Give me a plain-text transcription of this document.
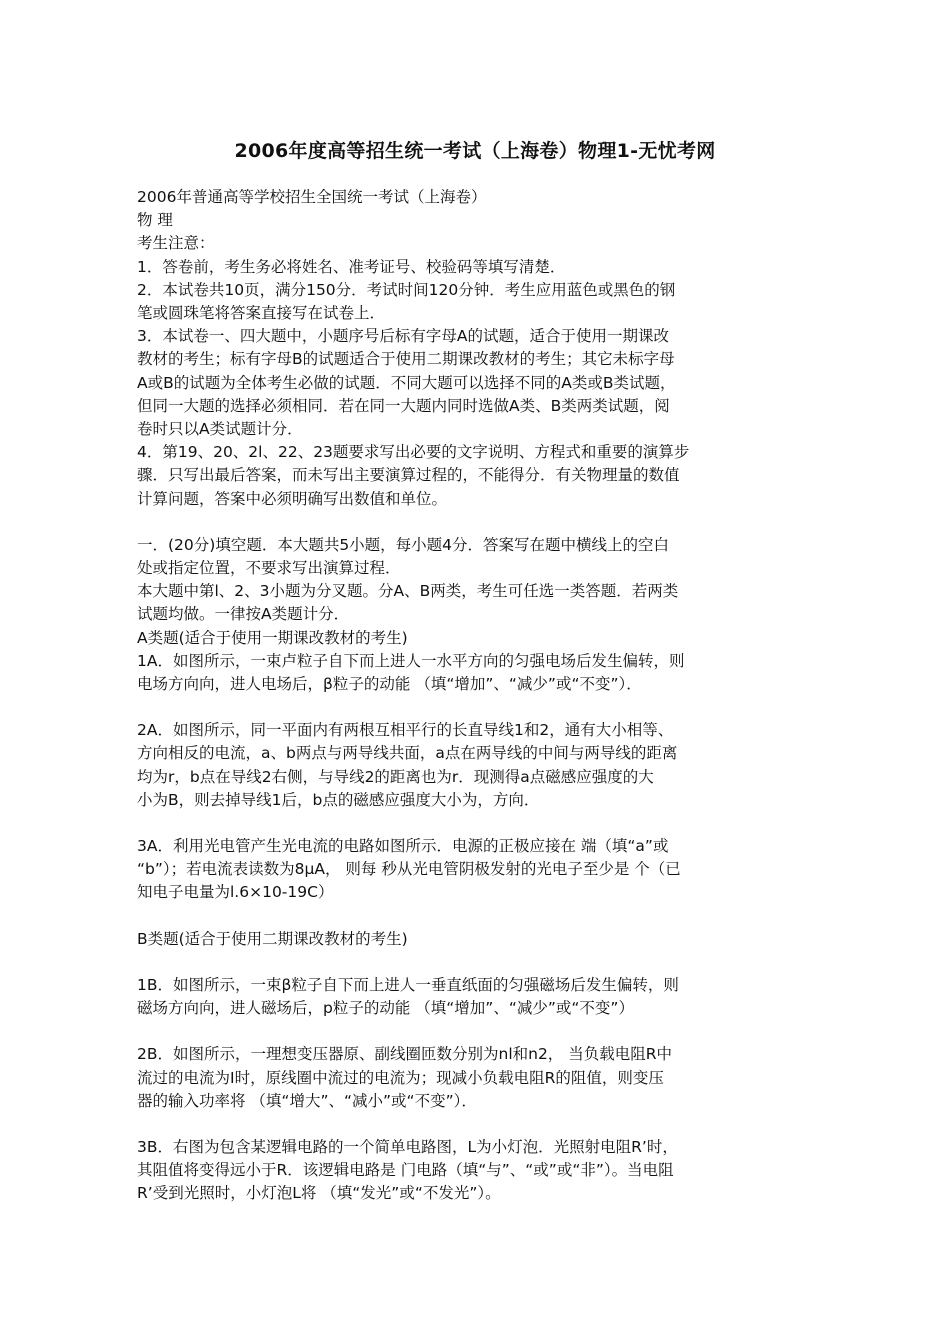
2006年度高等招生统一考试（上海卷）物理1-无忧考网

2006年普通高等学校招生全国统一考试（上海卷）

物 理

考生注意：

1．答卷前，考生务必将姓名、准考证号、校验码等填写清楚．

2．本试卷共10页，满分150分．考试时间120分钟．考生应用蓝色或黑色的钢

笔或圆珠笔将答案直接写在试卷上．

3．本试卷一、四大题中，小题序号后标有字母A的试题，适合于使用一期课改

教材的考生；标有字母B的试题适合于使用二期课改教材的考生；其它未标字母

A或B的试题为全体考生必做的试题．不同大题可以选择不同的A类或B类试题，

但同一大题的选择必须相同．若在同一大题内同时选做A类、B类两类试题，阅

卷时只以A类试题计分．

4．第19、20、2l、22、23题要求写出必要的文字说明、方程式和重要的演算步

骤．只写出最后答案，而未写出主要演算过程的，不能得分．有关物理量的数值

计算问题，答案中必须明确写出数值和单位。

一．(20分)填空题．本大题共5小题，每小题4分．答案写在题中横线上的空白

处或指定位置，不要求写出演算过程．

本大题中第l、2、3小题为分叉题。分A、B两类，考生可任选一类答题．若两类

试题均做。一律按A类题计分．

A类题(适合于使用一期课改教材的考生)

1A．如图所示，一束卢粒子自下而上进人一水平方向的匀强电场后发生偏转，则

电场方向向，进人电场后，β粒子的动能 （填“增加”、“减少”或“不变”）．

2A．如图所示，同一平面内有两根互相平行的长直导线1和2，通有大小相等、

方向相反的电流，a、b两点与两导线共面，a点在两导线的中间与两导线的距离

均为r，b点在导线2右侧，与导线2的距离也为r．现测得a点磁感应强度的大

小为B，则去掉导线1后，b点的磁感应强度大小为，方向．

3A．利用光电管产生光电流的电路如图所示．电源的正极应接在 端（填“a”或

“b”）；若电流表读数为8μA， 则每 秒从光电管阴极发射的光电子至少是 个（已

知电子电量为l.6×10-19C）

B类题(适合于使用二期课改教材的考生)

1B．如图所示，一束β粒子自下而上进人一垂直纸面的匀强磁场后发生偏转，则

磁场方向向，进人磁场后，p粒子的动能 （填“增加”、“减少”或“不变”）

2B．如图所示，一理想变压器原、副线圈匝数分别为nl和n2， 当负载电阻R中

流过的电流为I时，原线圈中流过的电流为；现减小负载电阻R的阻值，则变压

器的输入功率将 （填“增大”、“减小”或“不变”）．

3B．右图为包含某逻辑电路的一个简单电路图，L为小灯泡．光照射电阻R’时，

其阻值将变得远小于R．该逻辑电路是 门电路（填“与”、“或”或“非”）。当电阻

R’受到光照时，小灯泡L将 （填“发光”或“不发光”）。
